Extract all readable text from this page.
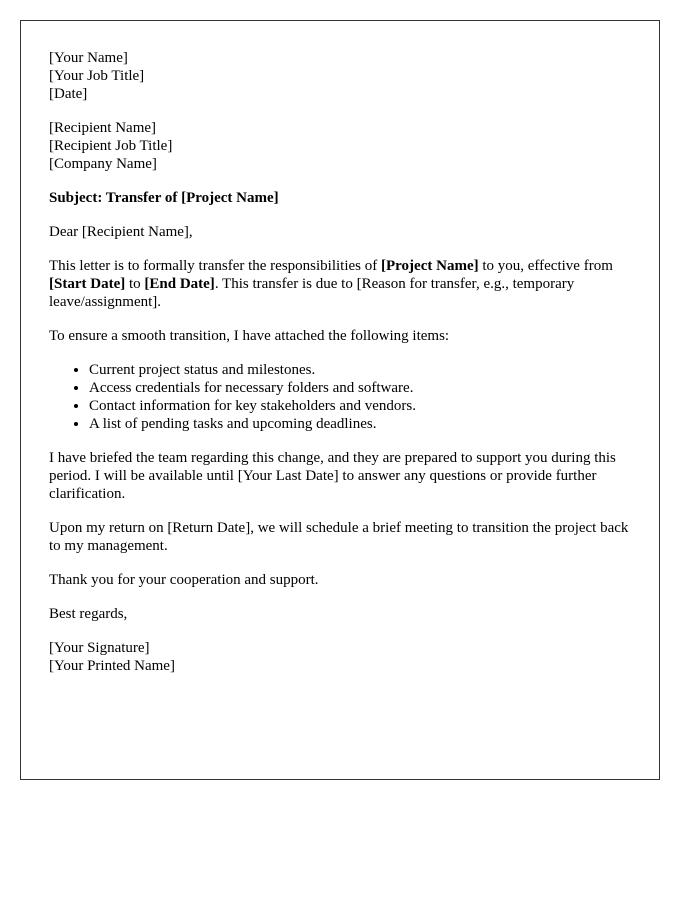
[Your Name]
[Your Job Title]
[Date]
[Recipient Name]
[Recipient Job Title]
[Company Name]

Subject: Transfer of [Project Name]

Dear [Recipient Name],

This letter is to formally transfer the responsibilities of [Project Name] to you, effective from [Start Date] to [End Date]. This transfer is due to [Reason for transfer, e.g., temporary leave/assignment].

To ensure a smooth transition, I have attached the following items:

• Current project status and milestones.
• Access credentials for necessary folders and software.
• Contact information for key stakeholders and vendors.
• A list of pending tasks and upcoming deadlines.

I have briefed the team regarding this change, and they are prepared to support you during this period. I will be available until [Your Last Date] to answer any questions or provide further clarification.

Upon my return on [Return Date], we will schedule a brief meeting to transition the project back to my management.

Thank you for your cooperation and support.

Best regards,

[Your Signature]
[Your Printed Name]
